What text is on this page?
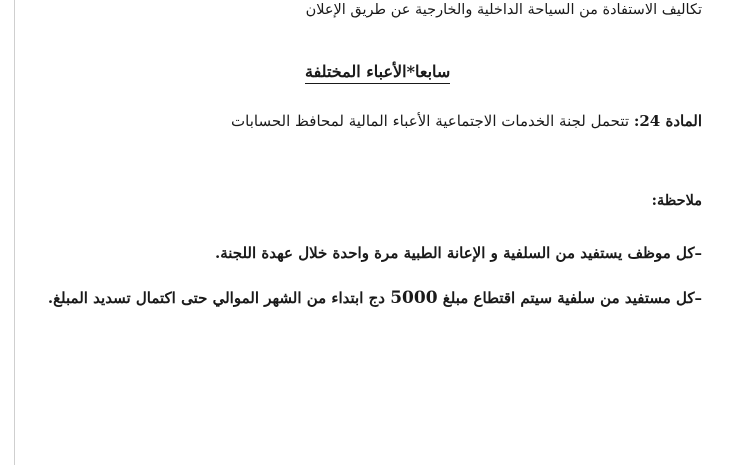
تكاليف الاستفادة من السياحة الداخلية والخارجية عن طريق الإعلان
سابعا*الأعباء المختلفة
المادة 24: تتحمل لجنة الخدمات الاجتماعية الأعباء المالية لمحافظ الحسابات
ملاحظة:
–كل موظف يستفيد من السلفية و الإعانة الطبية مرة واحدة خلال عهدة اللجنة.
–كل مستفيد من سلفية سيتم اقتطاع مبلغ 5000 دج ابتداء من الشهر الموالي حتى اكتمال تسديد المبلغ.
